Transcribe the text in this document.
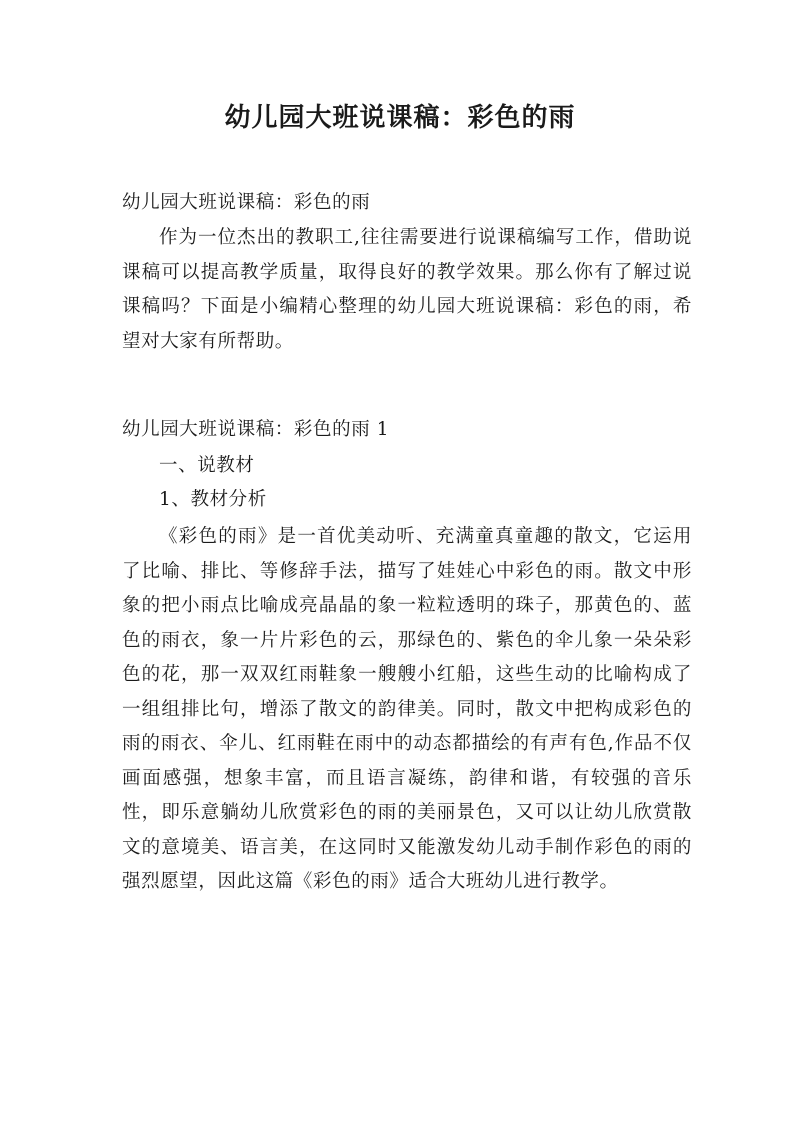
幼儿园大班说课稿：彩色的雨

幼儿园大班说课稿：彩色的雨

作为一位杰出的教职工,往往需要进行说课稿编写工作，借助说课稿可以提高教学质量，取得良好的教学效果。那么你有了解过说课稿吗？下面是小编精心整理的幼儿园大班说课稿：彩色的雨，希望对大家有所帮助。

幼儿园大班说课稿：彩色的雨 1

一、说教材

1、教材分析

《彩色的雨》是一首优美动听、充满童真童趣的散文，它运用了比喻、排比、等修辞手法，描写了娃娃心中彩色的雨。散文中形象的把小雨点比喻成亮晶晶的象一粒粒透明的珠子，那黄色的、蓝色的雨衣，象一片片彩色的云，那绿色的、紫色的伞儿象一朵朵彩色的花，那一双双红雨鞋象一艘艘小红船，这些生动的比喻构成了一组组排比句，增添了散文的韵律美。同时，散文中把构成彩色的雨的雨衣、伞儿、红雨鞋在雨中的动态都描绘的有声有色,作品不仅画面感强，想象丰富，而且语言凝练，韵律和谐，有较强的音乐性，即乐意躺幼儿欣赏彩色的雨的美丽景色，又可以让幼儿欣赏散文的意境美、语言美，在这同时又能激发幼儿动手制作彩色的雨的强烈愿望，因此这篇《彩色的雨》适合大班幼儿进行教学。
